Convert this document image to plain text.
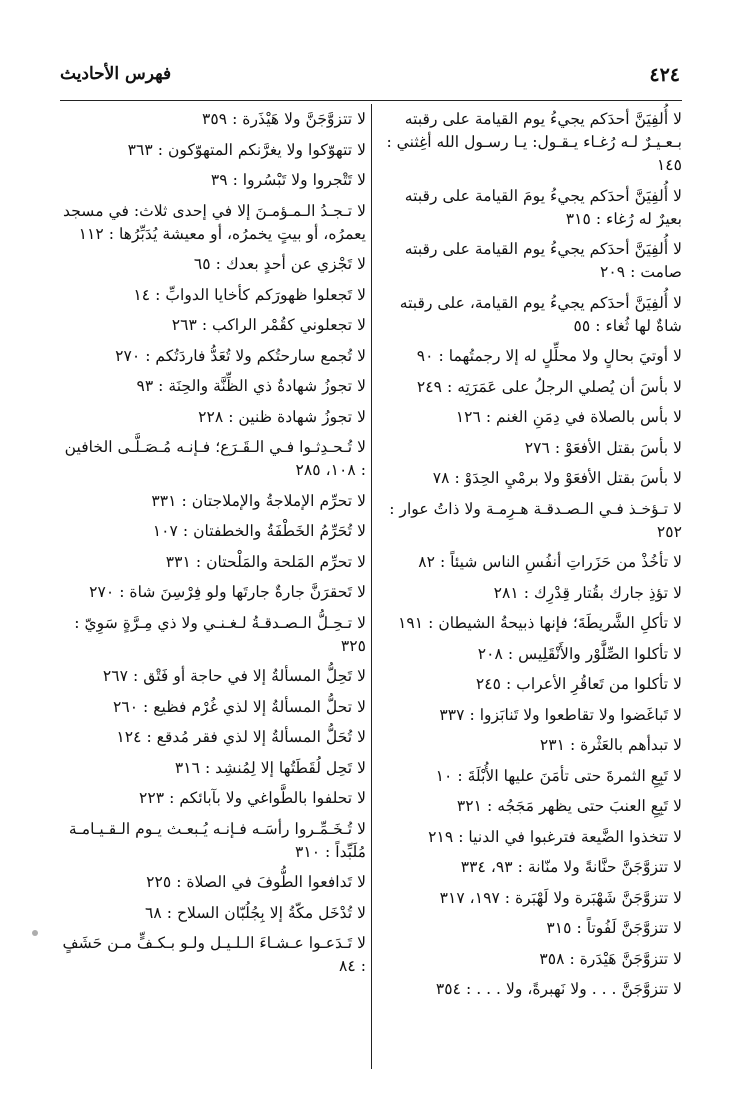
٤٢٤
فهرس الأحاديث

لا أُلفِيَنَّ أحدَكم يجيءُ يوم القيامة على رقبته بـعـيـرٌ لـه رُغـاء يـقـول: يـا رسـول الله أغِثني : ١٤٥

لا أُلفِيَنَّ أحدَكم يجيءُ يومَ القيامة على رقبته بعيرٌ له رُغاء : ٣١٥

لا أُلفِيَنَّ أحدَكم يجيءُ يوم القيامة على رقبته صامت : ٢٠٩

لا أُلفِيَنَّ أحدَكم يجيءُ يوم القيامة، على رقبته شاةٌ لها ثُغاء : ٥٥

لا أوتيَ بحالٍ ولا محلِّلٍ له إلا رجمتُهما : ٩٠

لا بأسَ أن يُصلي الرجلُ على عَمَرَتِه : ٢٤٩

لا بأس بالصلاة في دِمَنِ الغنم : ١٢٦

لا بأسَ بقتل الأفعَوْ : ٢٧٦

لا بأسَ بقتل الأفعَوْ ولا برمْيِ الحِدَوْ : ٧٨

لا تـؤخـذ فـي الـصـدقـة هـرِمـة ولا ذاتُ عوار : ٢٥٢

لا تأخُذْ من حَزَراتِ أنفُسِ الناس شيئاً : ٨٢

لا تؤذِ جارك بقُتار قِدْرِك : ٢٨١

لا تأكلِ الشَّريطَةَ؛ فإنها ذبيحةُ الشيطان : ١٩١

لا تأكلوا الصِّلَّوْر والأَنْقَلِيس : ٢٠٨

لا تأكلوا من تَعاقُرِ الأعراب : ٢٤٥

لا تَباغَضوا ولا تقاطعوا ولا تَنابَزوا : ٣٣٧

لا تبدأهم بالعَثْرة : ٢٣١

لا تَبِعِ الثمرةَ حتى تأمَنَ عليها الأُبْلَةَ : ١٠

لا تَبِعِ العنبَ حتى يظهر مَجَجُه : ٣٢١

لا تتخذوا الضَّيعة فترغبوا في الدنيا : ٢١٩

لا تتزوَّجَنَّ حنَّانةً ولا منّانة : ٩٣، ٣٣٤

لا تتزوَّجَنَّ شَهْبَرة ولا لَهْبَرة : ١٩٧، ٣١٧

لا تتزوَّجَنَّ لَفُوتاً : ٣١٥

لا تتزوَّجَنَّ هَيْدَرة : ٣٥٨

لا تتزوَّجَنَّ . . . ولا نَهبرةً، ولا . . . : ٣٥٤

لا تتزوَّجَنَّ ولا هَيْذَرة : ٣٥٩

لا تتهوّكوا ولا يغرَّنكم المتهوّكون : ٣٦٣

لا تَتْجروا ولا تَبْسُروا : ٣٩

لا تـجـدُ الـمـؤمـنَ إلا في إحدى ثلاث: في مسجد يعمرُه، أو بيتٍ يخمرُه، أو معيشة يُدَبِّرُها : ١١٢

لا تَجْزي عن أحدٍ بعدك : ٦٥

لا تَجعلوا ظهورَكم كأخايا الدوابِّ : ١٤

لا تجعلوني كقُمْر الراكب : ٢٦٣

لا تُجمع سارحتُكم ولا تُعَدُّ فاردَتُكم : ٢٧٠

لا تجوزُ شهادةُ ذي الظِّنَّة والحِنَة : ٩٣

لا تجوزُ شهادة ظنين : ٢٢٨

لا تُـحـدِثـوا فـي الـقَـرَع؛ فـإنـه مُـصَـلَّـى الخافين : ١٠٨، ٢٨٥

لا تحرِّم الإملاجةُ والإملاجتان : ٣٣١

لا تُحَرِّمُ الخَطْفَةُ والخطفتان : ١٠٧

لا تحرِّم المَلحة والمَلْحتان : ٣٣١

لا تَحقرَنَّ جارةٌ جارتَها ولو فِرْسِنَ شاة : ٢٧٠

لا تـحِـلُّ الـصـدقـةُ لـغـنـي ولا ذي مِـرَّةٍ سَوِيّ : ٣٢٥

لا تَحِلُّ المسألةُ إلا في حاجة أو فَتْق : ٢٦٧

لا تحلُّ المسألةُ إلا لذي غُرْم فظيع : ٢٦٠

لا تُحَلُّ المسألةُ إلا لذي فقر مُدقع : ١٢٤

لا تَحِل لُقَطَتُها إلا لِمُنشِد : ٣١٦

لا تحلفوا بالطَّواغي ولا بآبائكم : ٢٢٣

لا تُـخَـمِّـروا رأسَـه فـإنـه يُـبعـث يـوم الـقـيـامـة مُلَبِّداً : ٣١٠

لا تَدافعوا الطُّوفَ في الصلاة : ٢٢٥

لا تُدْخَل مكّةُ إلا بِجُلُبّان السلاح : ٦٨

لا تَـدَعـوا عـشـاءَ الـلـيـل ولـو بـكـفٍّ مـن حَشَفٍ : ٨٤
